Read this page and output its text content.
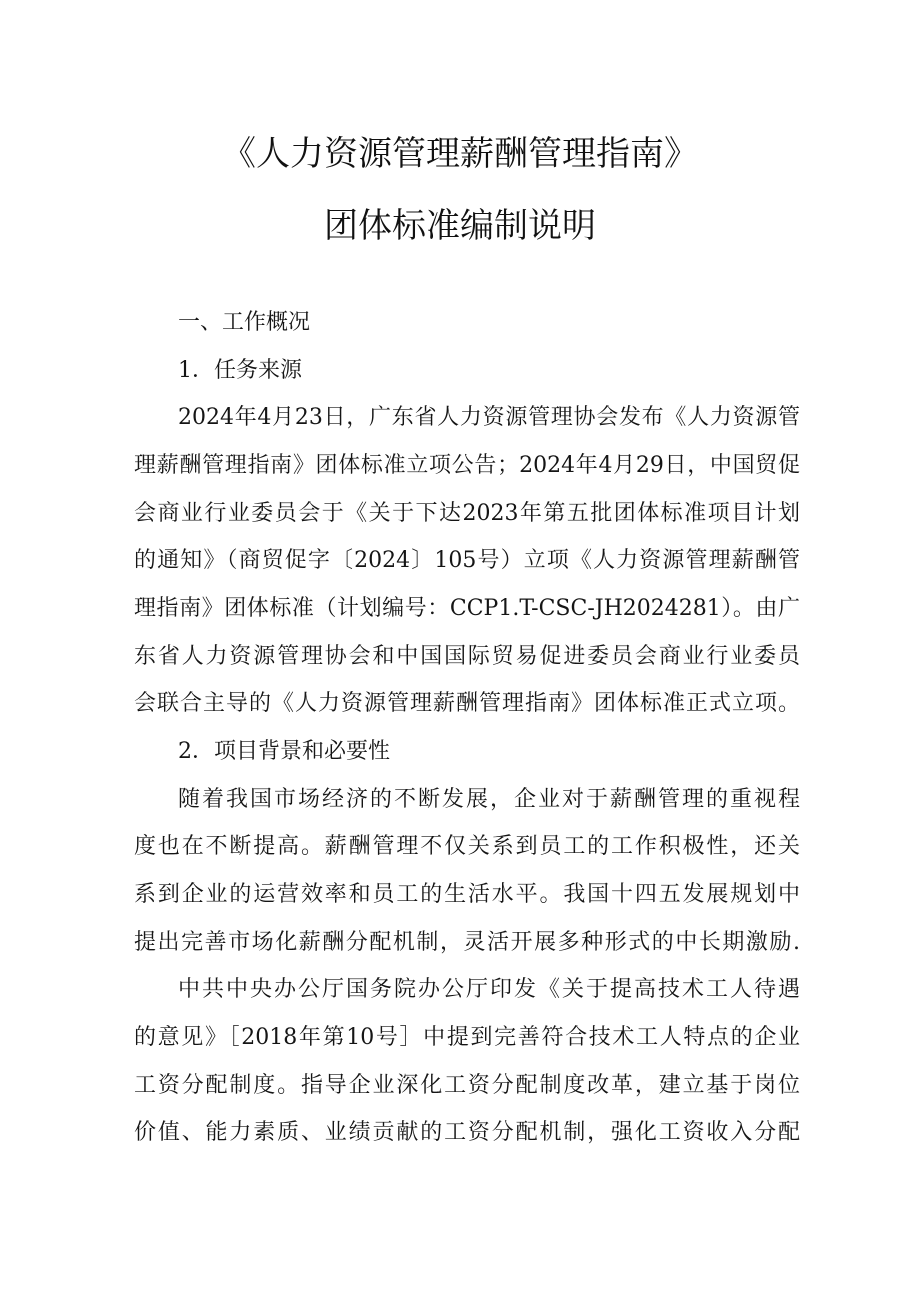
《人力资源管理薪酬管理指南》
团体标准编制说明
一、工作概况
1．任务来源
2024年4月23日，广东省人力资源管理协会发布《人力资源管
理薪酬管理指南》团体标准立项公告；2024年4月29日，中国贸促
会商业行业委员会于《关于下达2023年第五批团体标准项目计划
的通知》（商贸促字〔2024〕105号）立项《人力资源管理薪酬管
理指南》团体标准（计划编号：CCP1.T-CSC-JH2024281）。由广
东省人力资源管理协会和中国国际贸易促进委员会商业行业委员
会联合主导的《人力资源管理薪酬管理指南》团体标准正式立项。
2．项目背景和必要性
随着我国市场经济的不断发展，企业对于薪酬管理的重视程
度也在不断提高。薪酬管理不仅关系到员工的工作积极性，还关
系到企业的运营效率和员工的生活水平。我国十四五发展规划中
提出完善市场化薪酬分配机制，灵活开展多种形式的中长期激励.
中共中央办公厅国务院办公厅印发《关于提高技术工人待遇
的意见》［2018年第10号］中提到完善符合技术工人特点的企业
工资分配制度。指导企业深化工资分配制度改革，建立基于岗位
价值、能力素质、业绩贡献的工资分配机制，强化工资收入分配
